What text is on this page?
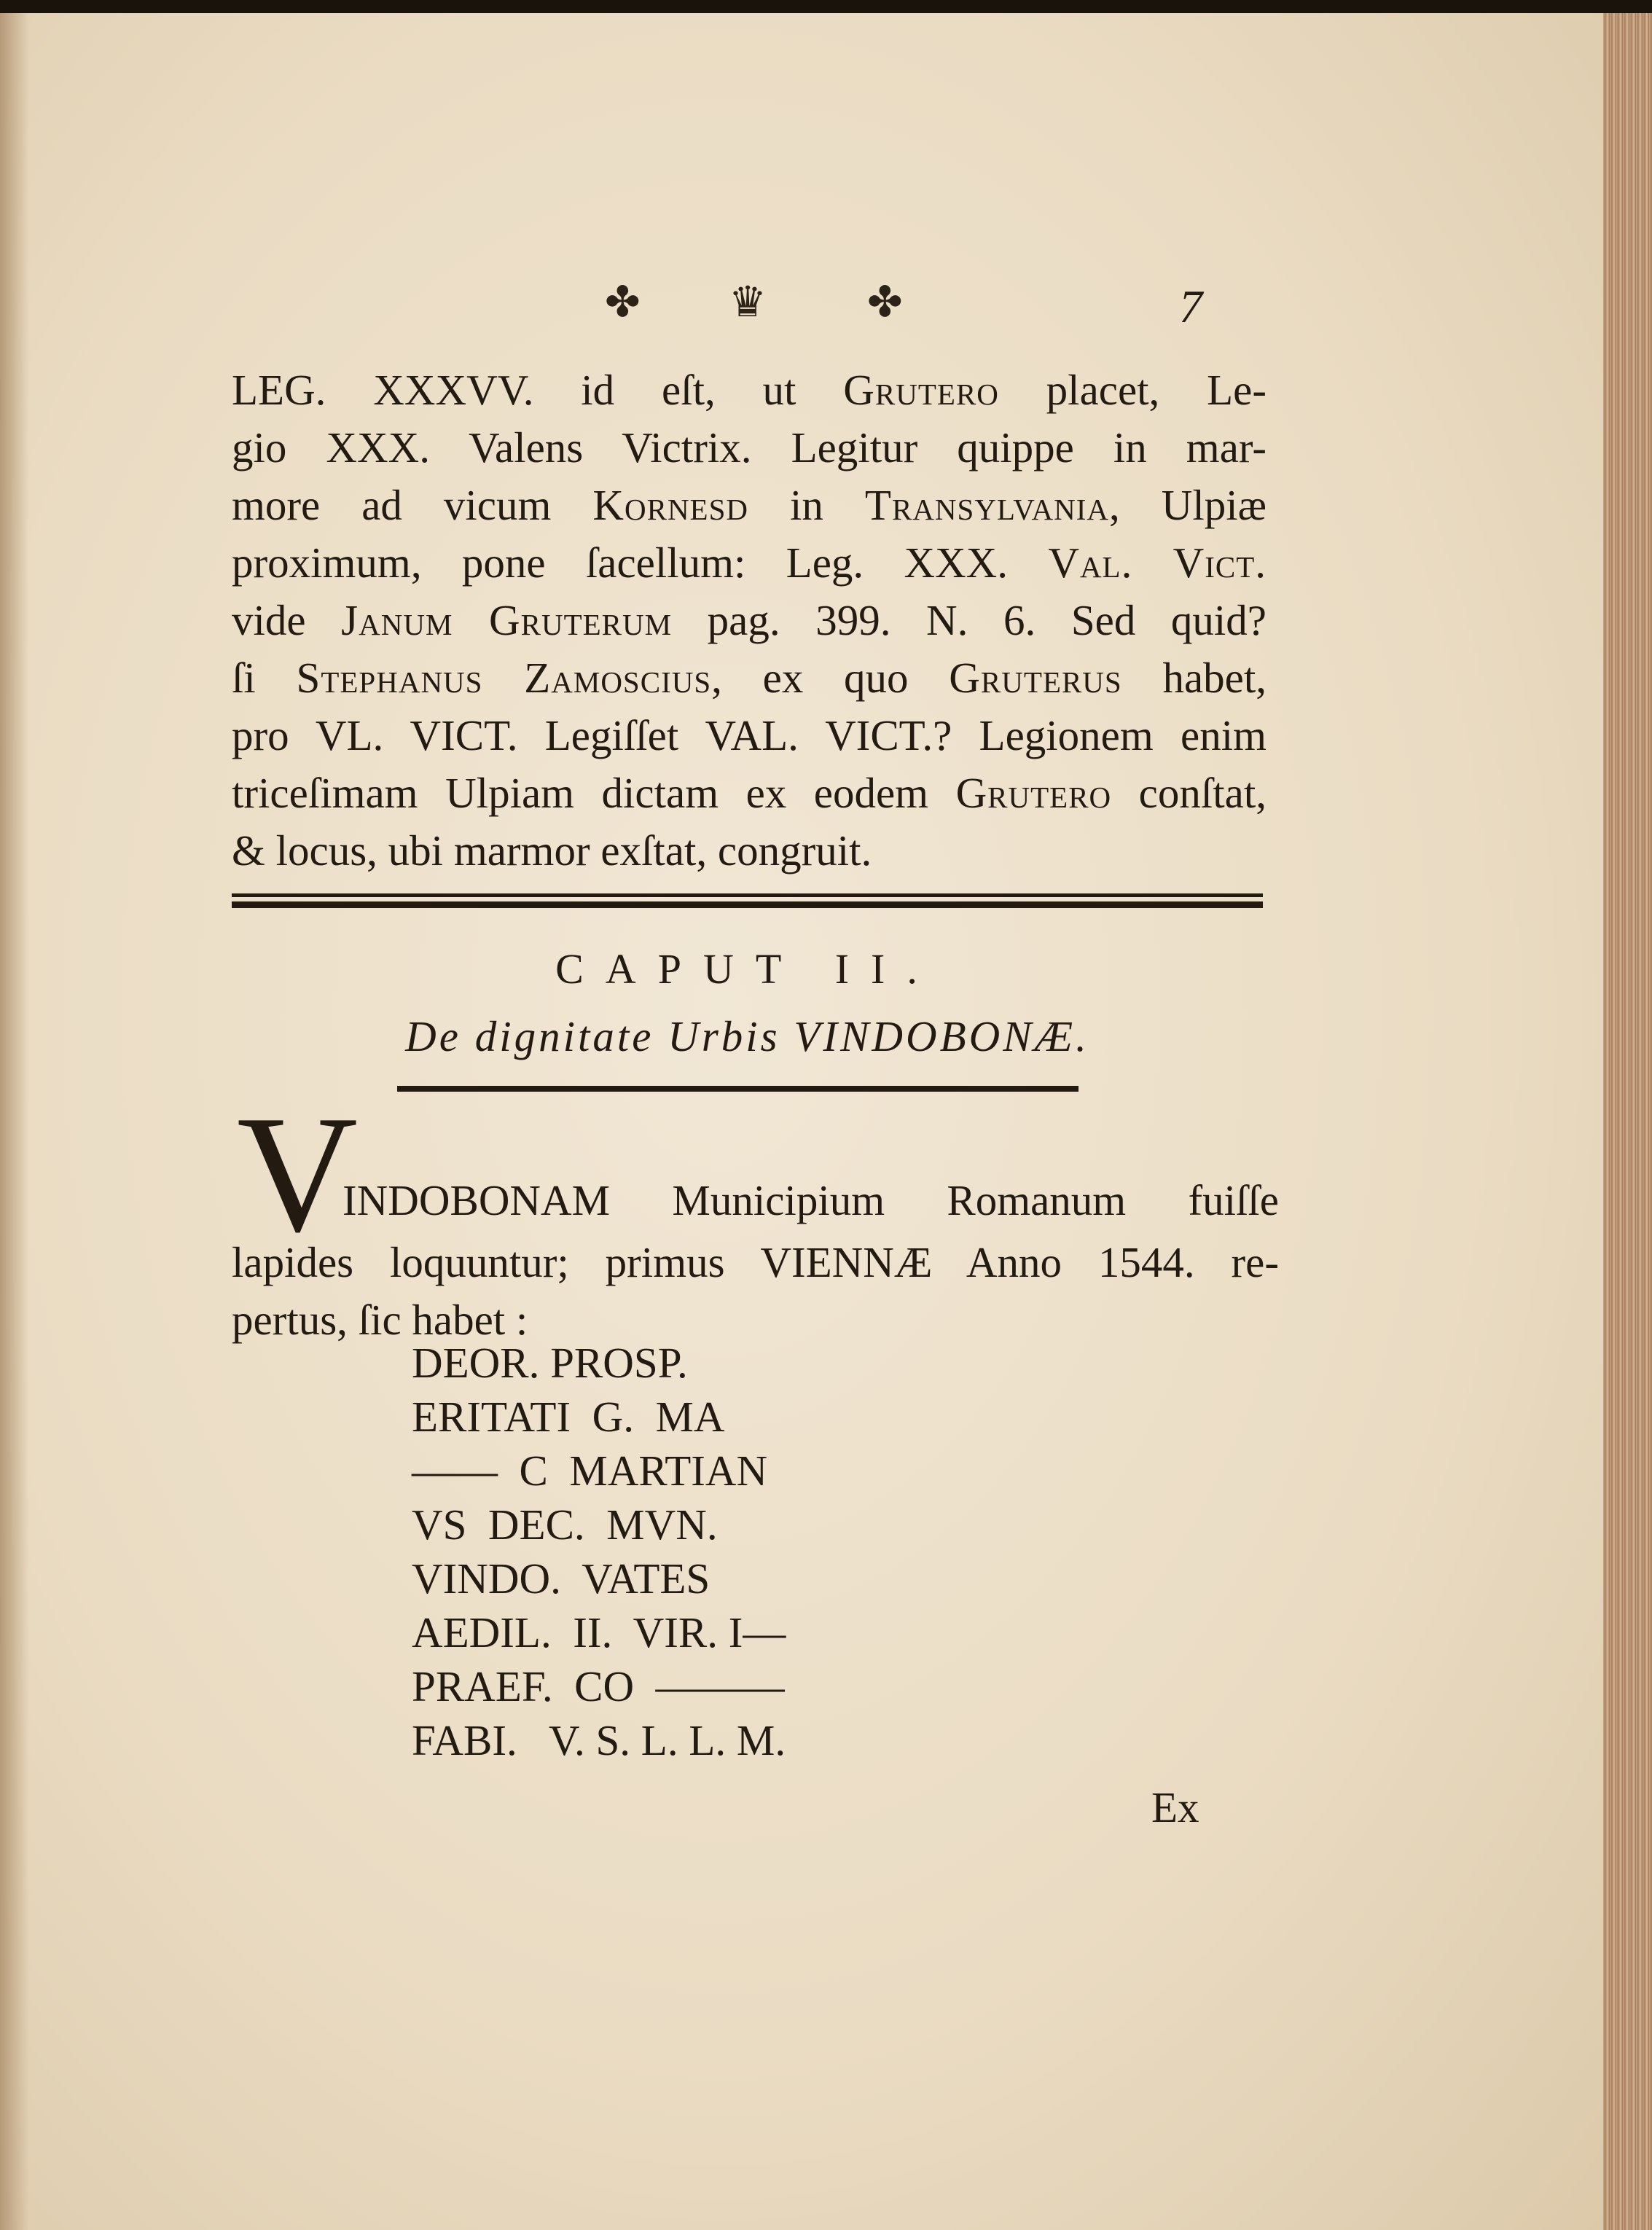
✤ ♛ ✤	7

LEG. XXXVV. id eſt, ut Grutero placet, Le-

gio XXX. Valens Victrix. Legitur quippe in mar-

more ad vicum Kornesd in Transylvania, Ulpiæ

proximum, pone ſacellum: Leg. XXX. Val. Vict.

vide Janum Gruterum pag. 399. N. 6. Sed quid?

ſi Stephanus Zamoscius, ex quo Gruterus habet,

pro VL. VICT. Legiſſet VAL. VICT.? Legionem enim

triceſimam Ulpiam dictam ex eodem Grutero conſtat,

& locus, ubi marmor exſtat, congruit.

CAPUT II.
De dignitate Urbis VINDOBONÆ.
V

INDOBONAM Municipium Romanum fuiſſe

lapides loquuntur; primus VIENNÆ Anno 1544. re-
pertus, ſic habet :

DEOR. PROSP.
ERITATI  G.  MA
——  C  MARTIAN
VS  DEC.  MVN.
VINDO.  VATES
AEDIL.  II.  VIR. I—
PRAEF.  CO  ———
FABI.   V. S. L. L. M.
Ex
